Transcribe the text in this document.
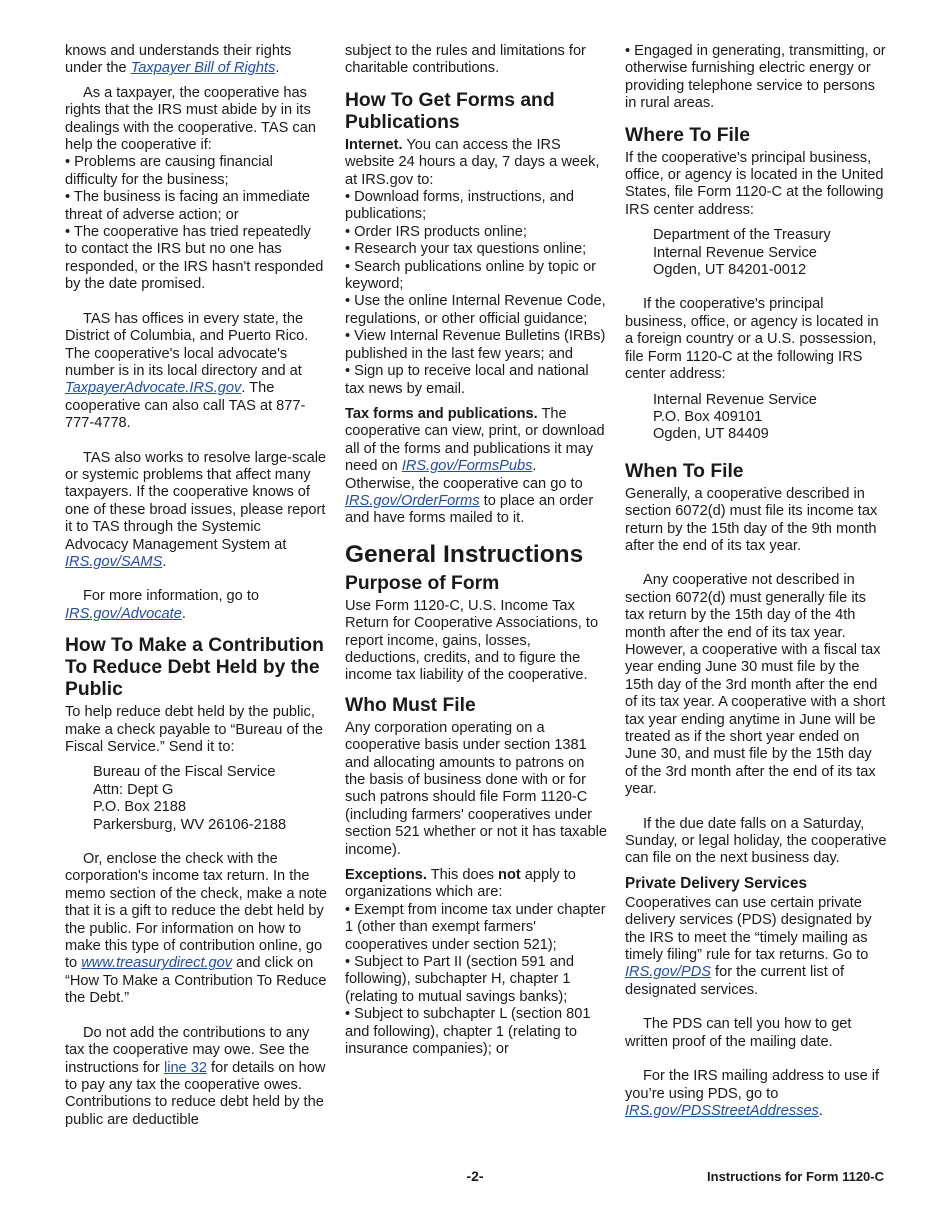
knows and understands their rights under the Taxpayer Bill of Rights.

As a taxpayer, the cooperative has rights that the IRS must abide by in its dealings with the cooperative. TAS can help the cooperative if:

• Problems are causing financial difficulty for the business;
• The business is facing an immediate threat of adverse action; or
• The cooperative has tried repeatedly to contact the IRS but no one has responded, or the IRS hasn't responded by the date promised.

TAS has offices in every state, the District of Columbia, and Puerto Rico. The cooperative's local advocate's number is in its local directory and at TaxpayerAdvocate.IRS.gov. The cooperative can also call TAS at 877-777-4778.

TAS also works to resolve large-scale or systemic problems that affect many taxpayers. If the cooperative knows of one of these broad issues, please report it to TAS through the Systemic Advocacy Management System at IRS.gov/SAMS.

For more information, go to IRS.gov/Advocate.

How To Make a Contribution To Reduce Debt Held by the Public

To help reduce debt held by the public, make a check payable to “Bureau of the Fiscal Service.” Send it to:

Bureau of the Fiscal Service
Attn: Dept G
P.O. Box 2188
Parkersburg, WV 26106-2188

Or, enclose the check with the corporation's income tax return. In the memo section of the check, make a note that it is a gift to reduce the debt held by the public. For information on how to make this type of contribution online, go to www.treasurydirect.gov and click on “How To Make a Contribution To Reduce the Debt.”

Do not add the contributions to any tax the cooperative may owe. See the instructions for line 32 for details on how to pay any tax the cooperative owes. Contributions to reduce debt held by the public are deductible

subject to the rules and limitations for charitable contributions.

How To Get Forms and Publications
Internet. You can access the IRS website 24 hours a day, 7 days a week, at IRS.gov to:
• Download forms, instructions, and publications;
• Order IRS products online;
• Research your tax questions online;
• Search publications online by topic or keyword;
• Use the online Internal Revenue Code, regulations, or other official guidance;
• View Internal Revenue Bulletins (IRBs) published in the last few years; and
• Sign up to receive local and national tax news by email.

Tax forms and publications. The cooperative can view, print, or download all of the forms and publications it may need on IRS.gov/FormsPubs. Otherwise, the cooperative can go to IRS.gov/OrderForms to place an order and have forms mailed to it.

General Instructions
Purpose of Form

Use Form 1120-C, U.S. Income Tax Return for Cooperative Associations, to report income, gains, losses, deductions, credits, and to figure the income tax liability of the cooperative.

Who Must File

Any corporation operating on a cooperative basis under section 1381 and allocating amounts to patrons on the basis of business done with or for such patrons should file Form 1120-C (including farmers' cooperatives under section 521 whether or not it has taxable income).

Exceptions. This does not apply to organizations which are:
• Exempt from income tax under chapter 1 (other than exempt farmers' cooperatives under section 521);
• Subject to Part II (section 591 and following), subchapter H, chapter 1 (relating to mutual savings banks);
• Subject to subchapter L (section 801 and following), chapter 1 (relating to insurance companies); or
• Engaged in generating, transmitting, or otherwise furnishing electric energy or providing telephone service to persons in rural areas.
Where To File

If the cooperative's principal business, office, or agency is located in the United States, file Form 1120-C at the following IRS center address:

Department of the Treasury
Internal Revenue Service
Ogden, UT 84201-0012

If the cooperative's principal business, office, or agency is located in a foreign country or a U.S. possession, file Form 1120-C at the following IRS center address:

Internal Revenue Service
P.O. Box 409101
Ogden, UT 84409
When To File

Generally, a cooperative described in section 6072(d) must file its income tax return by the 15th day of the 9th month after the end of its tax year.

Any cooperative not described in section 6072(d) must generally file its tax return by the 15th day of the 4th month after the end of its tax year. However, a cooperative with a fiscal tax year ending June 30 must file by the 15th day of the 3rd month after the end of its tax year. A cooperative with a short tax year ending anytime in June will be treated as if the short year ended on June 30, and must file by the 15th day of the 3rd month after the end of its tax year.

If the due date falls on a Saturday, Sunday, or legal holiday, the cooperative can file on the next business day.

Private Delivery Services

Cooperatives can use certain private delivery services (PDS) designated by the IRS to meet the “timely mailing as timely filing” rule for tax returns. Go to IRS.gov/PDS for the current list of designated services.

The PDS can tell you how to get written proof of the mailing date.

For the IRS mailing address to use if you’re using PDS, go to IRS.gov/PDSStreetAddresses.

-2-	Instructions for Form 1120-C
